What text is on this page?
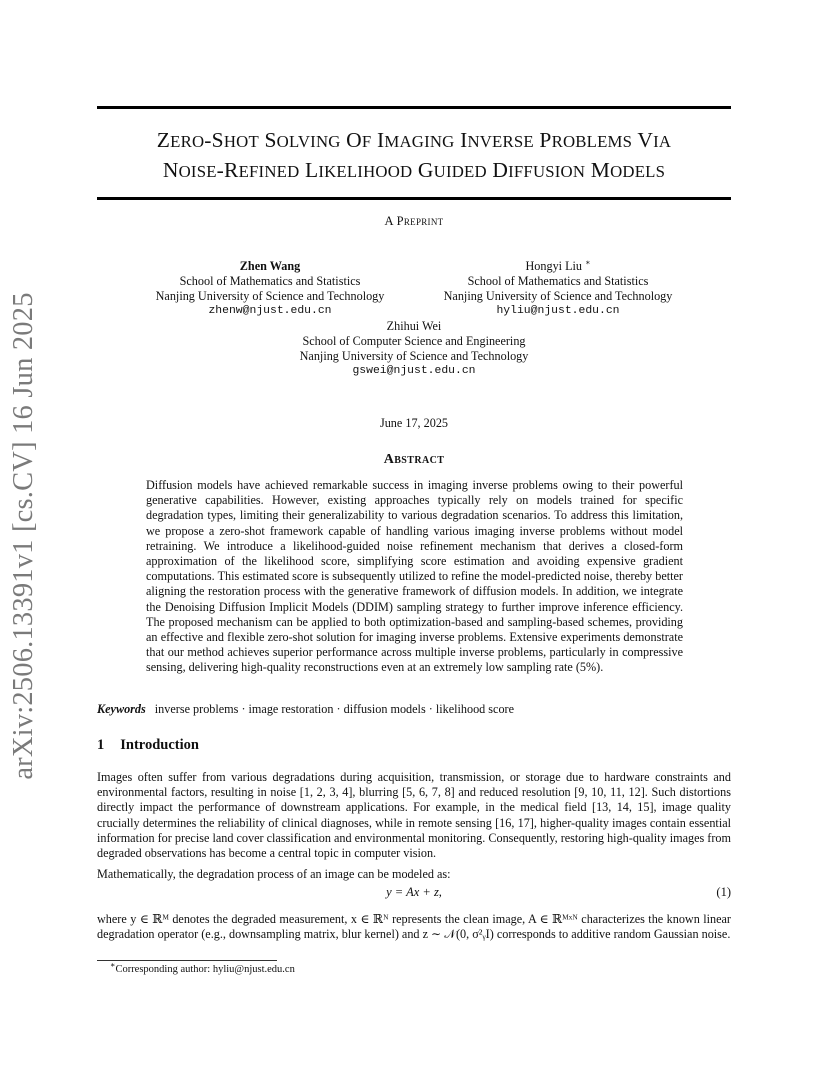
arXiv:2506.13391v1 [cs.CV] 16 Jun 2025
ZERO-SHOT SOLVING OF IMAGING INVERSE PROBLEMS VIA
NOISE-REFINED LIKELIHOOD GUIDED DIFFUSION MODELS
A Preprint
Zhen Wang
School of Mathematics and Statistics
Nanjing University of Science and Technology
zhenw@njust.edu.cn
Hongyi Liu ∗
School of Mathematics and Statistics
Nanjing University of Science and Technology
hyliu@njust.edu.cn
Zhihui Wei
School of Computer Science and Engineering
Nanjing University of Science and Technology
gswei@njust.edu.cn
June 17, 2025
Abstract

Diffusion models have achieved remarkable success in imaging inverse problems owing to their powerful generative capabilities. However, existing approaches typically rely on models trained for specific degradation types, limiting their generalizability to various degradation scenarios. To address this limitation, we propose a zero-shot framework capable of handling various imaging inverse problems without model retraining. We introduce a likelihood-guided noise refinement mechanism that derives a closed-form approximation of the likelihood score, simplifying score estimation and avoiding expensive gradient computations. This estimated score is subsequently utilized to refine the model-predicted noise, thereby better aligning the restoration process with the generative framework of diffusion models. In addition, we integrate the Denoising Diffusion Implicit Models (DDIM) sampling strategy to further improve inference efficiency. The proposed mechanism can be applied to both optimization-based and sampling-based schemes, providing an effective and flexible zero-shot solution for imaging inverse problems. Extensive experiments demonstrate that our method achieves superior performance across multiple inverse problems, particularly in compressive sensing, delivering high-quality reconstructions even at an extremely low sampling rate (5%).

Keywords inverse problems · image restoration · diffusion models · likelihood score
1 Introduction

Images often suffer from various degradations during acquisition, transmission, or storage due to hardware constraints and environmental factors, resulting in noise [1, 2, 3, 4], blurring [5, 6, 7, 8] and reduced resolution [9, 10, 11, 12]. Such distortions directly impact the performance of downstream applications. For example, in the medical field [13, 14, 15], image quality crucially determines the reliability of clinical diagnoses, while in remote sensing [16, 17], higher-quality images contain essential information for precise land cover classification and environmental monitoring. Consequently, restoring high-quality images from degraded observations has become a central topic in computer vision.

Mathematically, the degradation process of an image can be modeled as:

y = Ax + z,	(1)

where y ∈ ℝᴹ denotes the degraded measurement, x ∈ ℝᴺ represents the clean image, A ∈ ℝᴹˣᴺ characterizes the known linear degradation operator (e.g., downsampling matrix, blur kernel) and z ∼ 𝒩(0, σ²ᵧI) corresponds to additive random Gaussian noise.

∗Corresponding author: hyliu@njust.edu.cn
